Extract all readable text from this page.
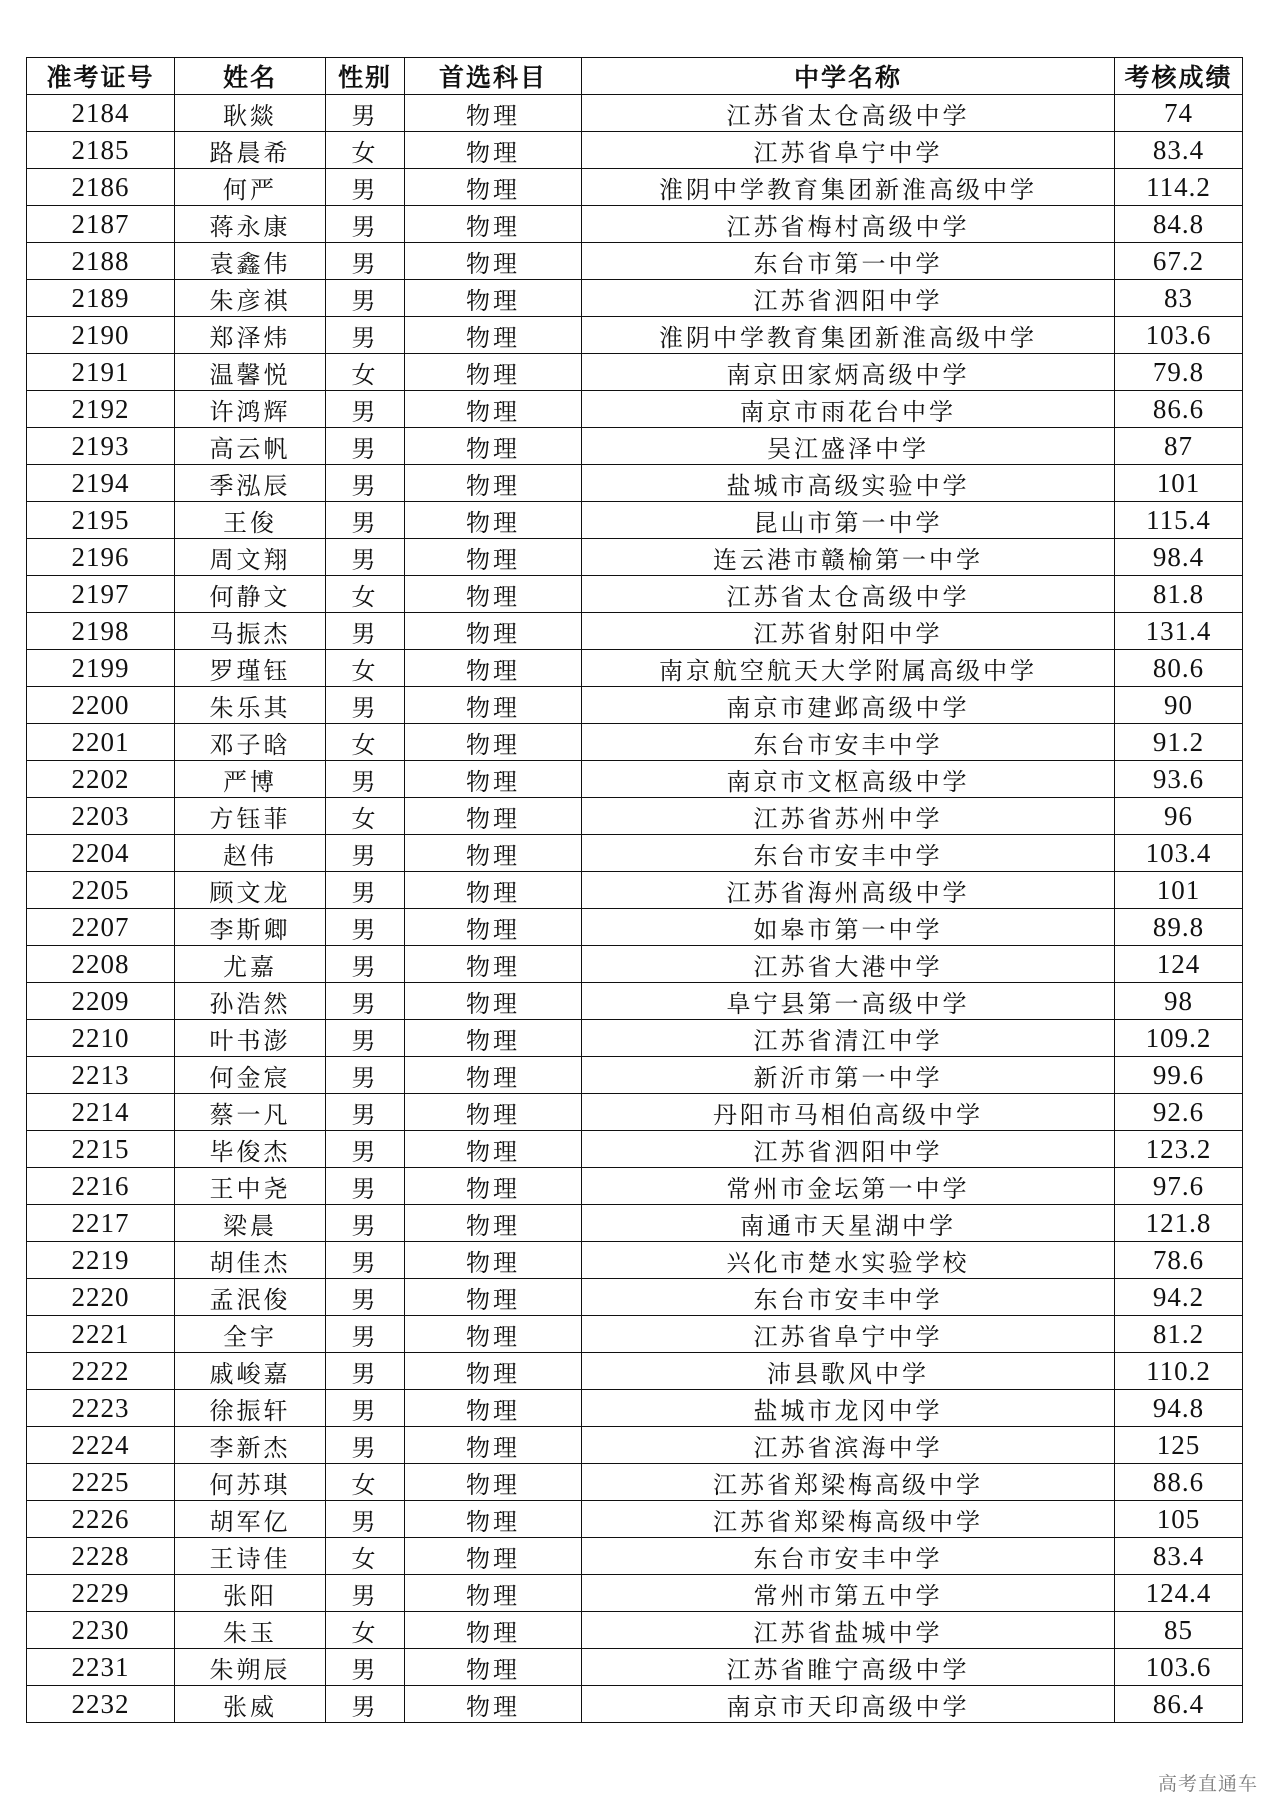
准考证号	姓名	性别	首选科目	中学名称	考核成绩
2184	耿燚	男	物理	江苏省太仓高级中学	74
2185	路晨希	女	物理	江苏省阜宁中学	83.4
2186	何严	男	物理	淮阴中学教育集团新淮高级中学	114.2
2187	蒋永康	男	物理	江苏省梅村高级中学	84.8
2188	袁鑫伟	男	物理	东台市第一中学	67.2
2189	朱彦祺	男	物理	江苏省泗阳中学	83
2190	郑泽炜	男	物理	淮阴中学教育集团新淮高级中学	103.6
2191	温馨悦	女	物理	南京田家炳高级中学	79.8
2192	许鸿辉	男	物理	南京市雨花台中学	86.6
2193	高云帆	男	物理	吴江盛泽中学	87
2194	季泓辰	男	物理	盐城市高级实验中学	101
2195	王俊	男	物理	昆山市第一中学	115.4
2196	周文翔	男	物理	连云港市赣榆第一中学	98.4
2197	何静文	女	物理	江苏省太仓高级中学	81.8
2198	马振杰	男	物理	江苏省射阳中学	131.4
2199	罗瑾钰	女	物理	南京航空航天大学附属高级中学	80.6
2200	朱乐其	男	物理	南京市建邺高级中学	90
2201	邓子晗	女	物理	东台市安丰中学	91.2
2202	严博	男	物理	南京市文枢高级中学	93.6
2203	方钰菲	女	物理	江苏省苏州中学	96
2204	赵伟	男	物理	东台市安丰中学	103.4
2205	顾文龙	男	物理	江苏省海州高级中学	101
2207	李斯卿	男	物理	如皋市第一中学	89.8
2208	尤嘉	男	物理	江苏省大港中学	124
2209	孙浩然	男	物理	阜宁县第一高级中学	98
2210	叶书澎	男	物理	江苏省清江中学	109.2
2213	何金宸	男	物理	新沂市第一中学	99.6
2214	蔡一凡	男	物理	丹阳市马相伯高级中学	92.6
2215	毕俊杰	男	物理	江苏省泗阳中学	123.2
2216	王中尧	男	物理	常州市金坛第一中学	97.6
2217	梁晨	男	物理	南通市天星湖中学	121.8
2219	胡佳杰	男	物理	兴化市楚水实验学校	78.6
2220	孟泯俊	男	物理	东台市安丰中学	94.2
2221	全宇	男	物理	江苏省阜宁中学	81.2
2222	戚峻嘉	男	物理	沛县歌风中学	110.2
2223	徐振轩	男	物理	盐城市龙冈中学	94.8
2224	李新杰	男	物理	江苏省滨海中学	125
2225	何苏琪	女	物理	江苏省郑梁梅高级中学	88.6
2226	胡军亿	男	物理	江苏省郑梁梅高级中学	105
2228	王诗佳	女	物理	东台市安丰中学	83.4
2229	张阳	男	物理	常州市第五中学	124.4
2230	朱玉	女	物理	江苏省盐城中学	85
2231	朱朔辰	男	物理	江苏省睢宁高级中学	103.6
2232	张威	男	物理	南京市天印高级中学	86.4
高考直通车
